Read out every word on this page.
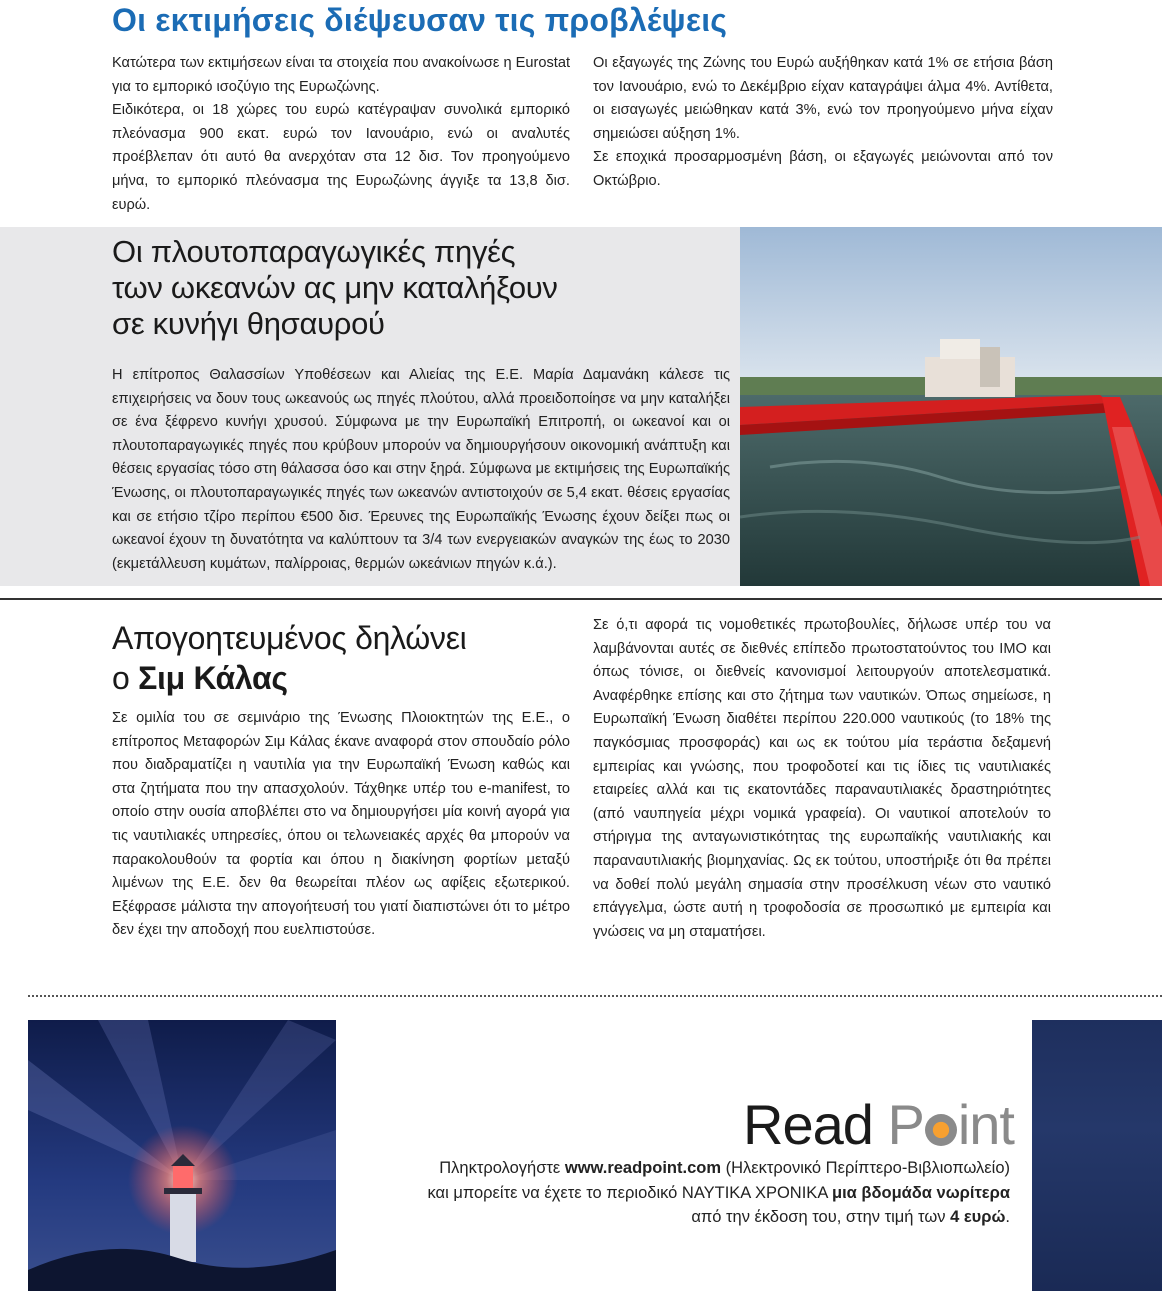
Οι εκτιμήσεις διέψευσαν τις προβλέψεις

Κατώτερα των εκτιμήσεων είναι τα στοιχεία που ανακοίνωσε η Eurostat για το εμπορικό ισοζύγιο της Ευρωζώνης.

Ειδικότερα, οι 18 χώρες του ευρώ κατέγραψαν συνολικά εμπορικό πλεόνασμα 900 εκατ. ευρώ τον Ιανουάριο, ενώ οι αναλυτές προέβλεπαν ότι αυτό θα ανερχόταν στα 12 δισ. Τον προηγούμενο μήνα, το εμπορικό πλεόνασμα της Ευρωζώνης άγγιξε τα 13,8 δισ. ευρώ.

Οι εξαγωγές της Ζώνης του Ευρώ αυξήθηκαν κατά 1% σε ετήσια βάση τον Ιανουάριο, ενώ το Δεκέμβριο είχαν καταγράψει άλμα 4%. Αντίθετα, οι εισαγωγές μειώθηκαν κατά 3%, ενώ τον προηγούμενο μήνα είχαν σημειώσει αύξηση 1%.

Σε εποχικά προσαρμοσμένη βάση, οι εξαγωγές μειώνονται από τον Οκτώβριο.

Οι πλουτοπαραγωγικές πηγές
των ωκεανών ας μην καταλήξουν
σε κυνήγι θησαυρού

Η επίτροπος Θαλασσίων Υποθέσεων και Αλιείας της Ε.Ε. Μαρία Δαμανάκη κάλεσε τις επιχειρήσεις να δουν τους ωκεανούς ως πηγές πλούτου, αλλά προειδοποίησε να μην καταλήξει σε ένα ξέφρενο κυνήγι χρυσού. Σύμφωνα με την Ευρωπαϊκή Επιτροπή, οι ωκεανοί και οι πλουτοπαραγωγικές πηγές που κρύβουν μπορούν να δημιουργήσουν οικονομική ανάπτυξη και θέσεις εργασίας τόσο στη θάλασσα όσο και στην ξηρά. Σύμφωνα με εκτιμήσεις της Ευρωπαϊκής Ένωσης, οι πλουτοπαραγωγικές πηγές των ωκεανών αντιστοιχούν σε 5,4 εκατ. θέσεις εργασίας και σε ετήσιο τζίρο περίπου €500 δισ. Έρευνες της Ευρωπαϊκής Ένωσης έχουν δείξει πως οι ωκεανοί έχουν τη δυνατότητα να καλύπτουν τα 3/4 των ενεργειακών αναγκών της έως το 2030 (εκμετάλλευση κυμάτων, παλίρροιας, θερμών ωκεάνιων πηγών κ.ά.).

Απογοητευμένος δηλώνει
ο Σιμ Κάλας

Σε ομιλία του σε σεμινάριο της Ένωσης Πλοιοκτητών της Ε.Ε., ο επίτροπος Μεταφορών Σιμ Κάλας έκανε αναφορά στον σπουδαίο ρόλο που διαδραματίζει η ναυτιλία για την Ευρωπαϊκή Ένωση καθώς και στα ζητήματα που την απασχολούν. Τάχθηκε υπέρ του e-manifest, το οποίο στην ουσία αποβλέπει στο να δημιουργήσει μία κοινή αγορά για τις ναυτιλιακές υπηρεσίες, όπου οι τελωνειακές αρχές θα μπορούν να παρακολουθούν τα φορτία και όπου η διακίνηση φορτίων μεταξύ λιμένων της Ε.Ε. δεν θα θεωρείται πλέον ως αφίξεις εξωτερικού. Εξέφρασε μάλιστα την απογοήτευσή του γιατί διαπιστώνει ότι το μέτρο δεν έχει την αποδοχή που ευελπιστούσε.

Σε ό,τι αφορά τις νομοθετικές πρωτοβουλίες, δήλωσε υπέρ του να λαμβάνονται αυτές σε διεθνές επίπεδο πρωτοστατούντος του ΙΜΟ και όπως τόνισε, οι διεθνείς κανονισμοί λειτουργούν αποτελεσματικά. Αναφέρθηκε επίσης και στο ζήτημα των ναυτικών. Όπως σημείωσε, η Ευρωπαϊκή Ένωση διαθέτει περίπου 220.000 ναυτικούς (το 18% της παγκόσμιας προσφοράς) και ως εκ τούτου μία τεράστια δεξαμενή εμπειρίας και γνώσης, που τροφοδοτεί και τις ίδιες τις ναυτιλιακές εταιρείες αλλά και τις εκατοντάδες παραναυτιλιακές δραστηριότητες (από ναυπηγεία μέχρι νομικά γραφεία). Οι ναυτικοί αποτελούν το στήριγμα της ανταγωνιστικότητας της ευρωπαϊκής ναυτιλιακής και παραναυτιλιακής βιομηχανίας. Ως εκ τούτου, υποστήριξε ότι θα πρέπει να δοθεί πολύ μεγάλη σημασία στην προσέλκυση νέων στο ναυτικό επάγγελμα, ώστε αυτή η τροφοδοσία σε προσωπικό με εμπειρία και γνώσεις να μη σταματήσει.

Read P int
Πληκτρολογήστε www.readpoint.com (Ηλεκτρονικό Περίπτερο-Βιβλιοπωλείο)
και μπορείτε να έχετε το περιοδικό ΝΑΥΤΙΚΑ ΧΡΟΝΙΚΑ μια βδομάδα νωρίτερα
από την έκδοση του, στην τιμή των 4 ευρώ.
